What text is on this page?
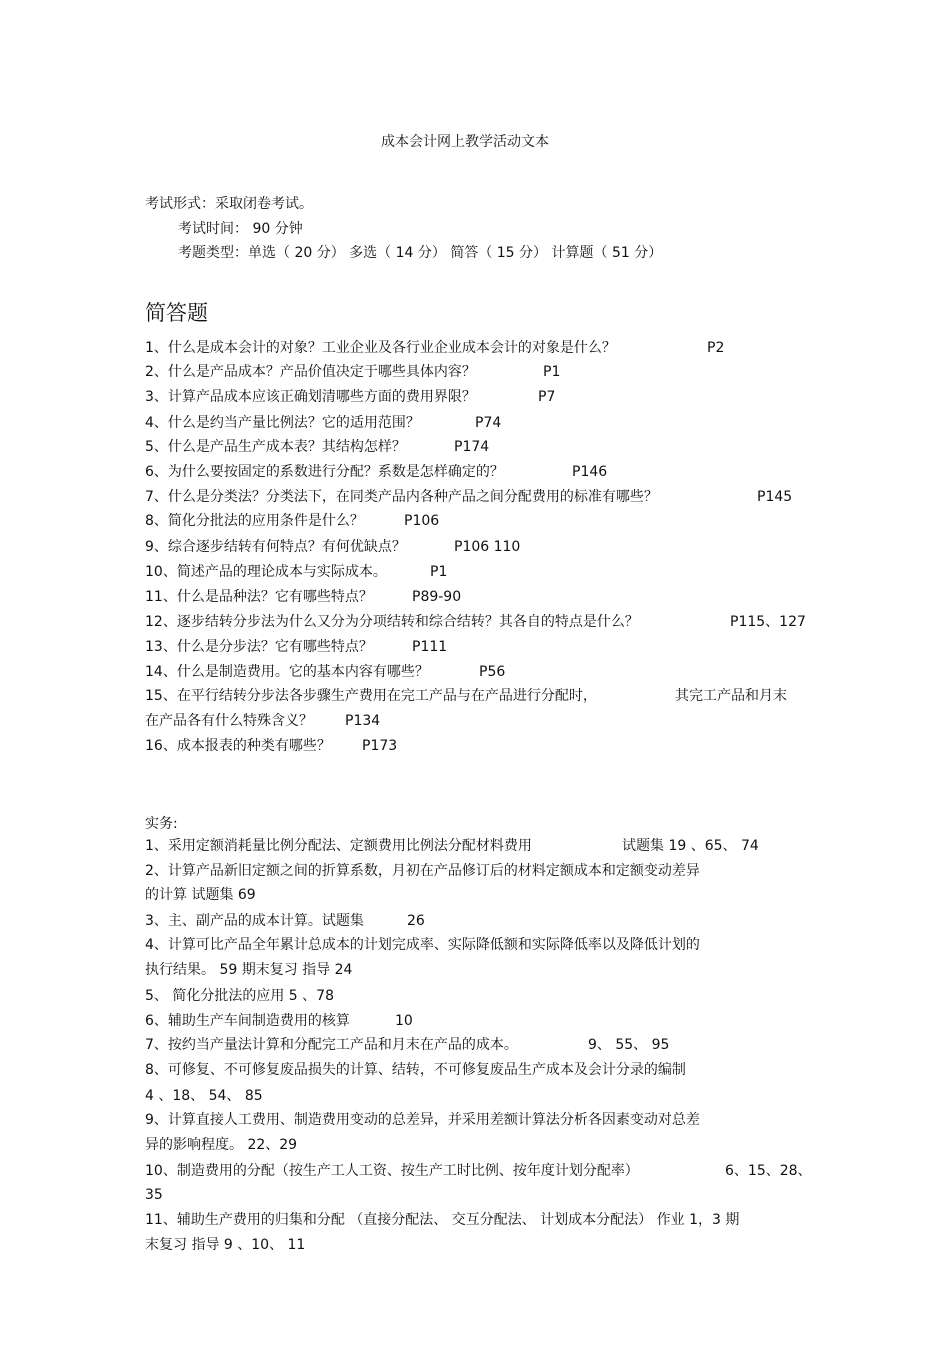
成本会计网上教学活动文本
考试形式：采取闭卷考试。
考试时间： 90 分钟
考题类型：单选（ 20 分） 多选（ 14 分） 简答（ 15 分） 计算题（ 51 分）
简答题
1、什么是成本会计的对象？工业企业及各行业企业成本会计的对象是什么？	P2
2、什么是产品成本？产品价值决定于哪些具体内容？	P1
3、计算产品成本应该正确划清哪些方面的费用界限？	P7
4、什么是约当产量比例法？它的适用范围？	P74
5、什么是产品生产成本表？其结构怎样？	P174
6、为什么要按固定的系数进行分配？系数是怎样确定的？	P146
7、什么是分类法？分类法下，在同类产品内各种产品之间分配费用的标准有哪些？	P145
8、简化分批法的应用条件是什么？	P106
9、综合逐步结转有何特点？有何优缺点？	P106 110
10、简述产品的理论成本与实际成本。	P1
11、什么是品种法？它有哪些特点？	P89-90
12、逐步结转分步法为什么又分为分项结转和综合结转？其各自的特点是什么？	P115、127
13、什么是分步法？它有哪些特点？	P111
14、什么是制造费用。它的基本内容有哪些？	P56
15、在平行结转分步法各步骤生产费用在完工产品与在产品进行分配时，	其完工产品和月末
在产品各有什么特殊含义？ P134
16、成本报表的种类有哪些？ P173
实务:
1、采用定额消耗量比例分配法、定额费用比例法分配材料费用	试题集 19 、65、 74
2、计算产品新旧定额之间的折算系数，月初在产品修订后的材料定额成本和定额变动差异
的计算 试题集 69
3、主、副产品的成本计算。试题集	26
4、计算可比产品全年累计总成本的计划完成率、实际降低额和实际降低率以及降低计划的
执行结果。 59 期末复习 指导 24
5、 简化分批法的应用 5 、78
6、辅助生产车间制造费用的核算	10
7、按约当产量法计算和分配完工产品和月末在产品的成本。	9、 55、 95
8、可修复、不可修复废品损失的计算、结转，不可修复废品生产成本及会计分录的编制
4 、18、 54、 85
9、计算直接人工费用、制造费用变动的总差异，并采用差额计算法分析各因素变动对总差
异的影响程度。 22、29
10、制造费用的分配（按生产工人工资、按生产工时比例、按年度计划分配率）	6、15、28、
35
11、辅助生产费用的归集和分配 （直接分配法、 交互分配法、 计划成本分配法） 作业 1，3 期
末复习 指导 9 、10、 11
